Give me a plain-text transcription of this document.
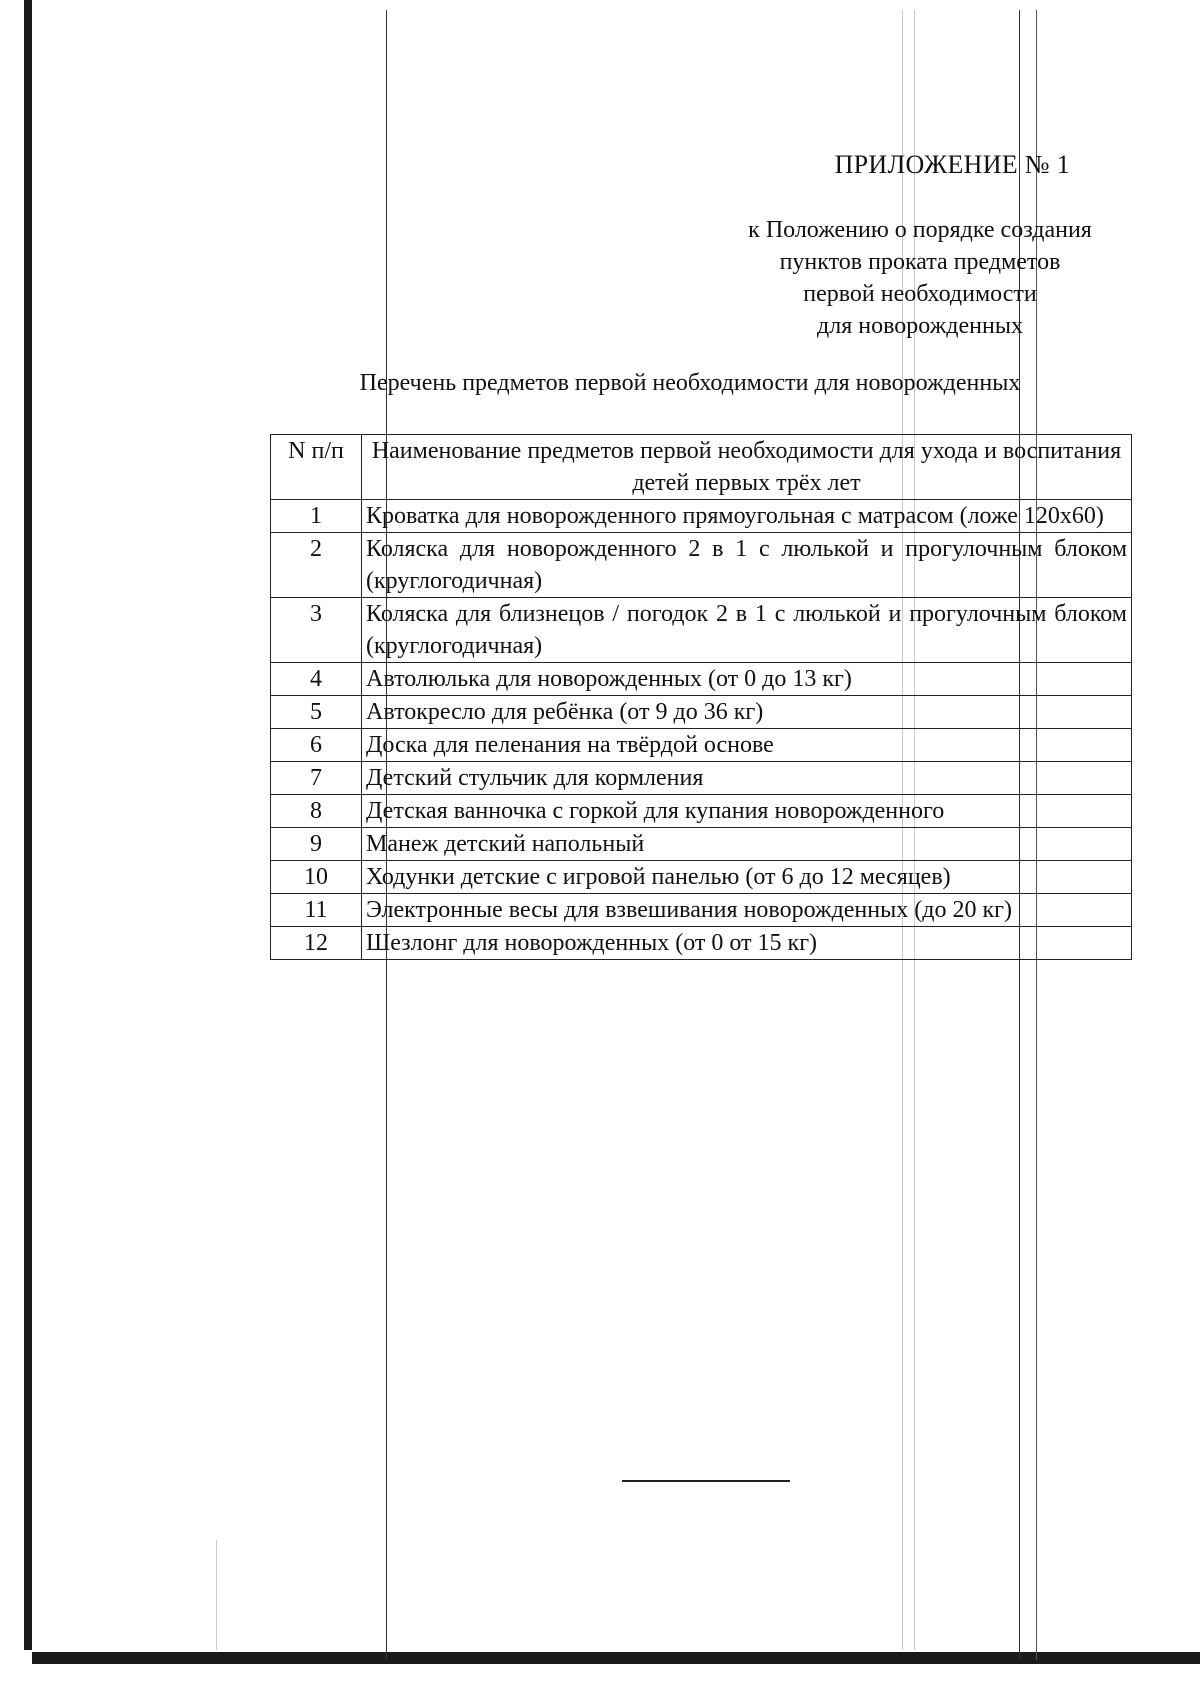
ПРИЛОЖЕНИЕ № 1
к Положению о порядке создания
пунктов проката предметов
первой необходимости
для новорожденных
Перечень предметов первой необходимости для новорожденных
N п/п	Наименование предметов первой необходимости для ухода и воспитания детей первых трёх лет
1	Кроватка для новорожденного прямоугольная с матрасом (ложе 120х60)
2	Коляска для новорожденного 2 в 1 с люлькой и прогулочным блоком (круглогодичная)
3	Коляска для близнецов / погодок 2 в 1 с люлькой и прогулочным блоком (круглогодичная)
4	Автолюлька для новорожденных (от 0 до 13 кг)
5	Автокресло для ребёнка (от 9 до 36 кг)
6	Доска для пеленания на твёрдой основе
7	Детский стульчик для кормления
8	Детская ванночка с горкой для купания новорожденного
9	Манеж детский напольный
10	Ходунки детские с игровой панелью (от 6 до 12 месяцев)
11	Электронные весы для взвешивания новорожденных (до 20 кг)
12	Шезлонг для новорожденных (от 0 от 15 кг)
